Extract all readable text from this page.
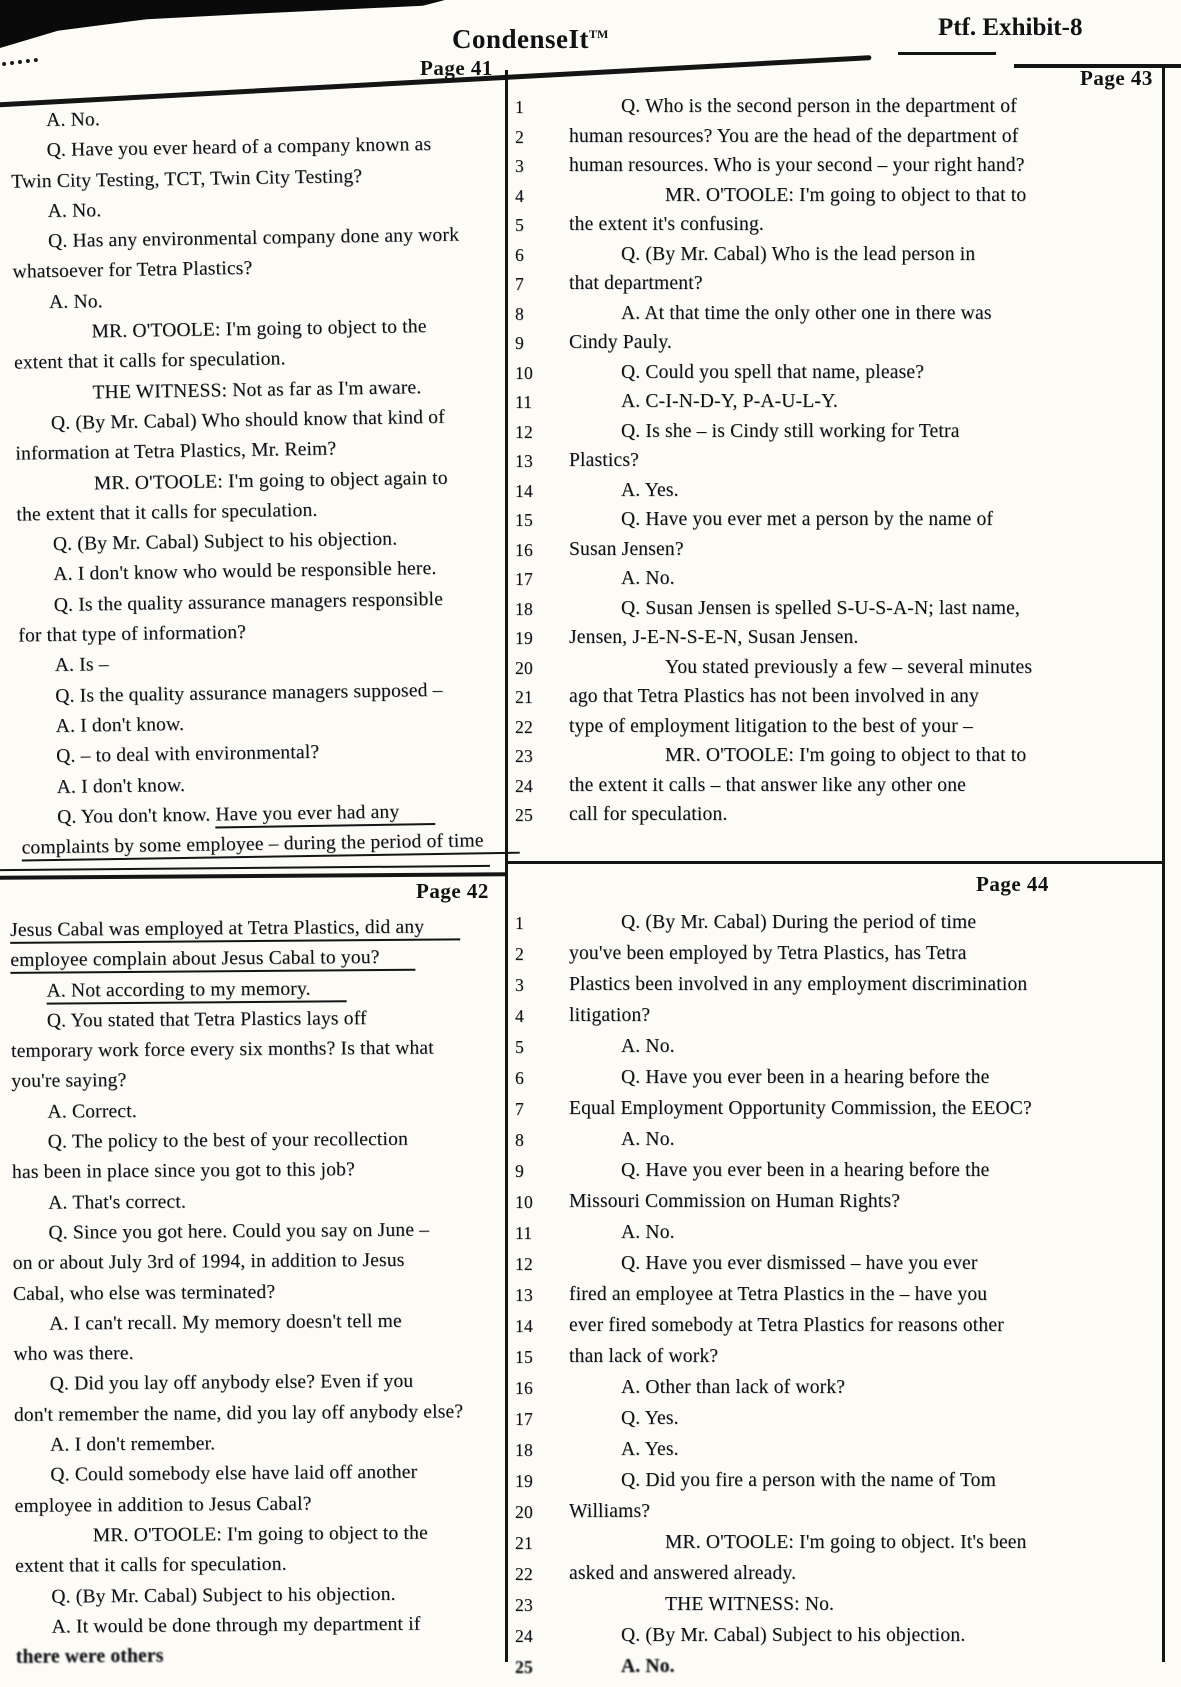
CondenseIt™	Ptf. Exhibit-8
Page 41
Page 42
Page 43
Page 44
A. No.
Q. Have you ever heard of a company known as
Twin City Testing, TCT, Twin City Testing?
A. No.
Q. Has any environmental company done any work
whatsoever for Tetra Plastics?
A. No.
MR. O'TOOLE: I'm going to object to the
extent that it calls for speculation.
THE WITNESS: Not as far as I'm aware.
Q. (By Mr. Cabal) Who should know that kind of
information at Tetra Plastics, Mr. Reim?
MR. O'TOOLE: I'm going to object again to
the extent that it calls for speculation.
Q. (By Mr. Cabal) Subject to his objection.
A. I don't know who would be responsible here.
Q. Is the quality assurance managers responsible
for that type of information?
A. Is –
Q. Is the quality assurance managers supposed –
A. I don't know.
Q. – to deal with environmental?
A. I don't know.
Q. You don't know. Have you ever had any
complaints by some employee – during the period of time
Jesus Cabal was employed at Tetra Plastics, did any
employee complain about Jesus Cabal to you?
A. Not according to my memory.
Q. You stated that Tetra Plastics lays off
temporary work force every six months? Is that what
you're saying?
A. Correct.
Q. The policy to the best of your recollection
has been in place since you got to this job?
A. That's correct.
Q. Since you got here. Could you say on June –
on or about July 3rd of 1994, in addition to Jesus
Cabal, who else was terminated?
A. I can't recall. My memory doesn't tell me
who was there.
Q. Did you lay off anybody else? Even if you
don't remember the name, did you lay off anybody else?
A. I don't remember.
Q. Could somebody else have laid off another
employee in addition to Jesus Cabal?
MR. O'TOOLE: I'm going to object to the
extent that it calls for speculation.
Q. (By Mr. Cabal) Subject to his objection.
A. It would be done through my department if
there were others
1	Q. Who is the second person in the department of
2	human resources? You are the head of the department of
3	human resources. Who is your second – your right hand?
4	MR. O'TOOLE: I'm going to object to that to
5	the extent it's confusing.
6	Q. (By Mr. Cabal) Who is the lead person in
7	that department?
8	A. At that time the only other one in there was
9	Cindy Pauly.
10	Q. Could you spell that name, please?
11	A. C-I-N-D-Y, P-A-U-L-Y.
12	Q. Is she – is Cindy still working for Tetra
13	Plastics?
14	A. Yes.
15	Q. Have you ever met a person by the name of
16	Susan Jensen?
17	A. No.
18	Q. Susan Jensen is spelled S-U-S-A-N; last name,
19	Jensen, J-E-N-S-E-N, Susan Jensen.
20	You stated previously a few – several minutes
21	ago that Tetra Plastics has not been involved in any
22	type of employment litigation to the best of your –
23	MR. O'TOOLE: I'm going to object to that to
24	the extent it calls – that answer like any other one
25	call for speculation.
1	Q. (By Mr. Cabal) During the period of time
2	you've been employed by Tetra Plastics, has Tetra
3	Plastics been involved in any employment discrimination
4	litigation?
5	A. No.
6	Q. Have you ever been in a hearing before the
7	Equal Employment Opportunity Commission, the EEOC?
8	A. No.
9	Q. Have you ever been in a hearing before the
10	Missouri Commission on Human Rights?
11	A. No.
12	Q. Have you ever dismissed – have you ever
13	fired an employee at Tetra Plastics in the – have you
14	ever fired somebody at Tetra Plastics for reasons other
15	than lack of work?
16	A. Other than lack of work?
17	Q. Yes.
18	A. Yes.
19	Q. Did you fire a person with the name of Tom
20	Williams?
21	MR. O'TOOLE: I'm going to object. It's been
22	asked and answered already.
23	THE WITNESS: No.
24	Q. (By Mr. Cabal) Subject to his objection.
25	A. No.
